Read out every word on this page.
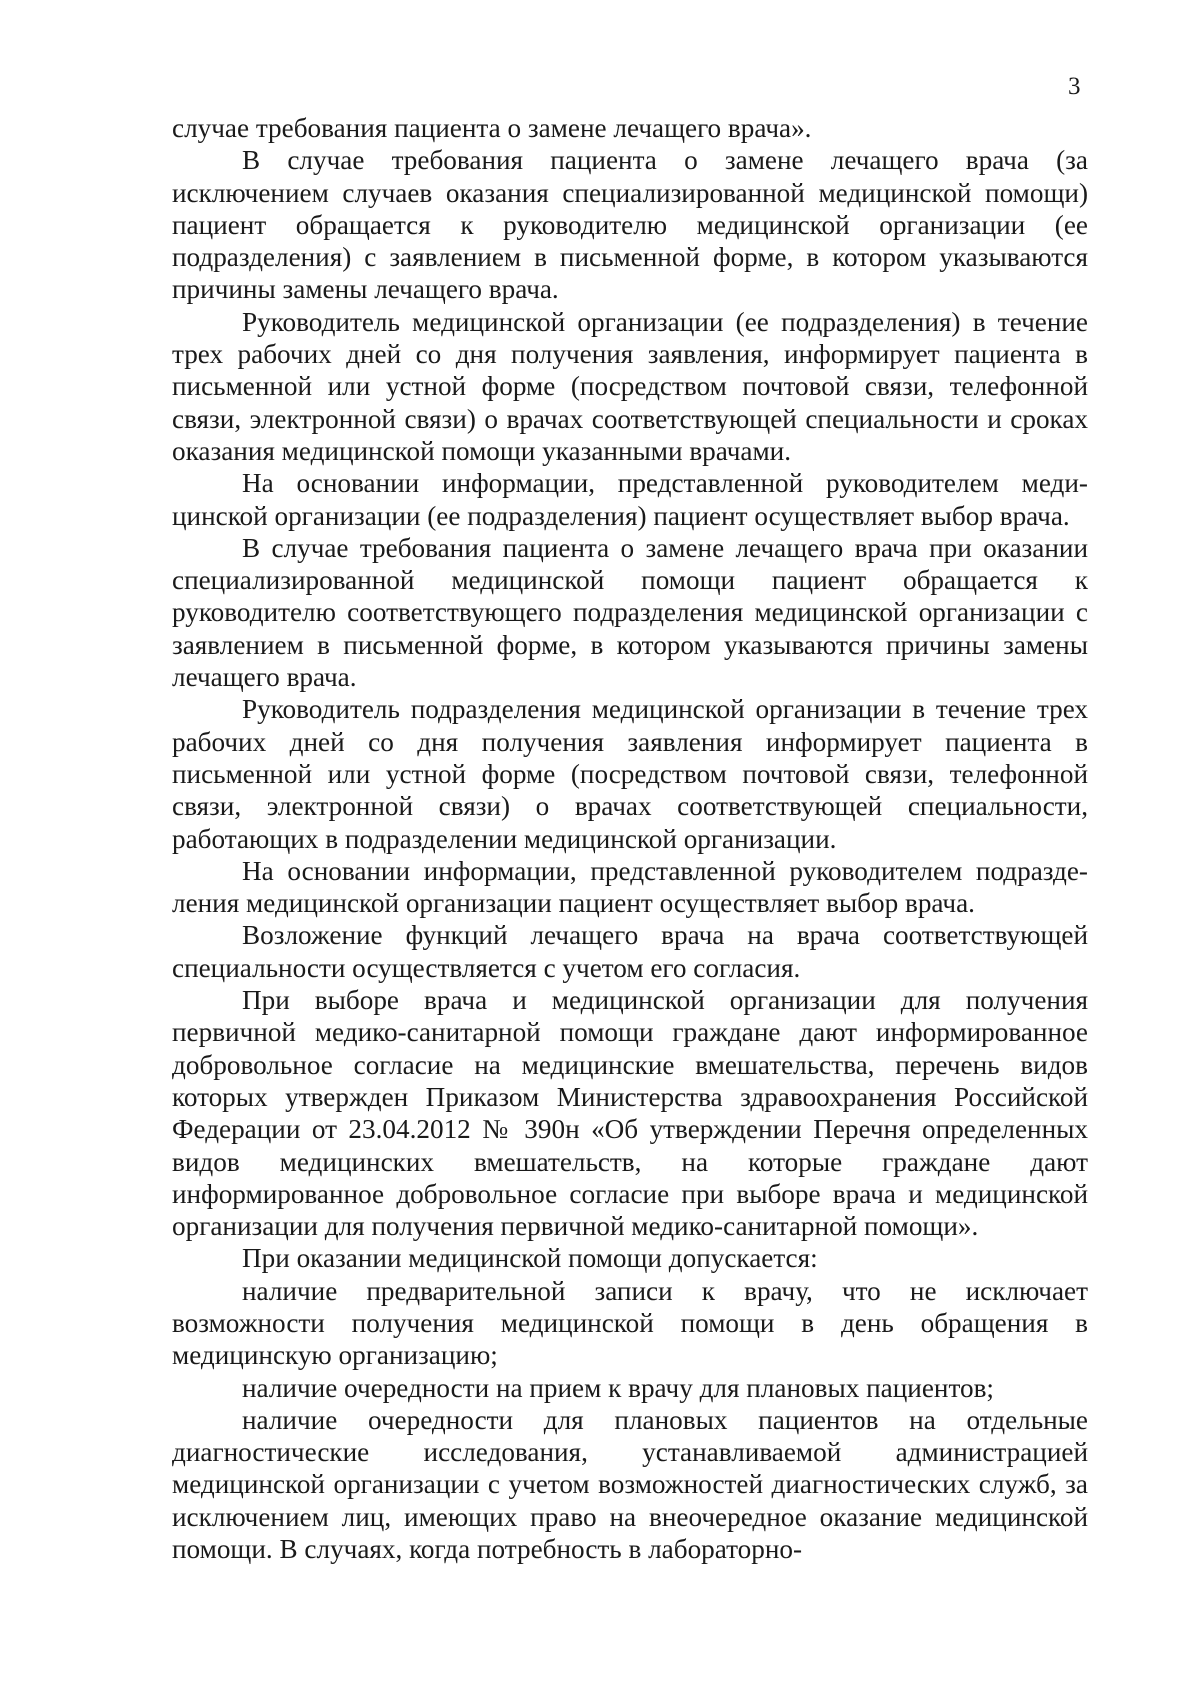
3

случае требования пациента о замене лечащего врача».

В случае требования пациента о замене лечащего врача (за исключением случаев оказания специализированной медицинской помощи) пациент обращается к руководителю медицинской организации (ее подразделения) с заявлением в письменной форме, в котором указываются причины замены лечащего врача.

Руководитель медицинской организации (ее подразделения) в течение трех рабочих дней со дня получения заявления, информирует пациента в письменной или устной форме (посредством почтовой связи, телефонной связи, электронной связи) о врачах соответствующей специальности и сроках оказания медицинской помощи указанными врачами.

На основании информации, представленной руководителем меди-цинской организации (ее подразделения) пациент осуществляет выбор врача.

В случае требования пациента о замене лечащего врача при оказании специализированной медицинской помощи пациент обращается к руководителю соответствующего подразделения медицинской организации с заявлением в письменной форме, в котором указываются причины замены лечащего врача.

Руководитель подразделения медицинской организации в течение трех рабочих дней со дня получения заявления информирует пациента в письменной или устной форме (посредством почтовой связи, телефонной связи, электронной связи) о врачах соответствующей специальности, работающих в подразделении медицинской организации.

На основании информации, представленной руководителем подразде-ления медицинской организации пациент осуществляет выбор врача.

Возложение функций лечащего врача на врача соответствующей специальности осуществляется с учетом его согласия.

При выборе врача и медицинской организации для получения первичной медико-санитарной помощи граждане дают информированное добровольное согласие на медицинские вмешательства, перечень видов которых утвержден Приказом Министерства здравоохранения Российской Федерации от 23.04.2012 № 390н «Об утверждении Перечня определенных видов медицинских вмешательств, на которые граждане дают информированное добровольное согласие при выборе врача и медицинской организации для получения первичной медико-санитарной помощи».

При оказании медицинской помощи допускается:

наличие предварительной записи к врачу, что не исключает возможности получения медицинской помощи в день обращения в медицинскую организацию;

наличие очередности на прием к врачу для плановых пациентов;

наличие очередности для плановых пациентов на отдельные диагностические исследования, устанавливаемой администрацией медицинской организации с учетом возможностей диагностических служб, за исключением лиц, имеющих право на внеочередное оказание медицинской помощи. В случаях, когда потребность в лабораторно-
